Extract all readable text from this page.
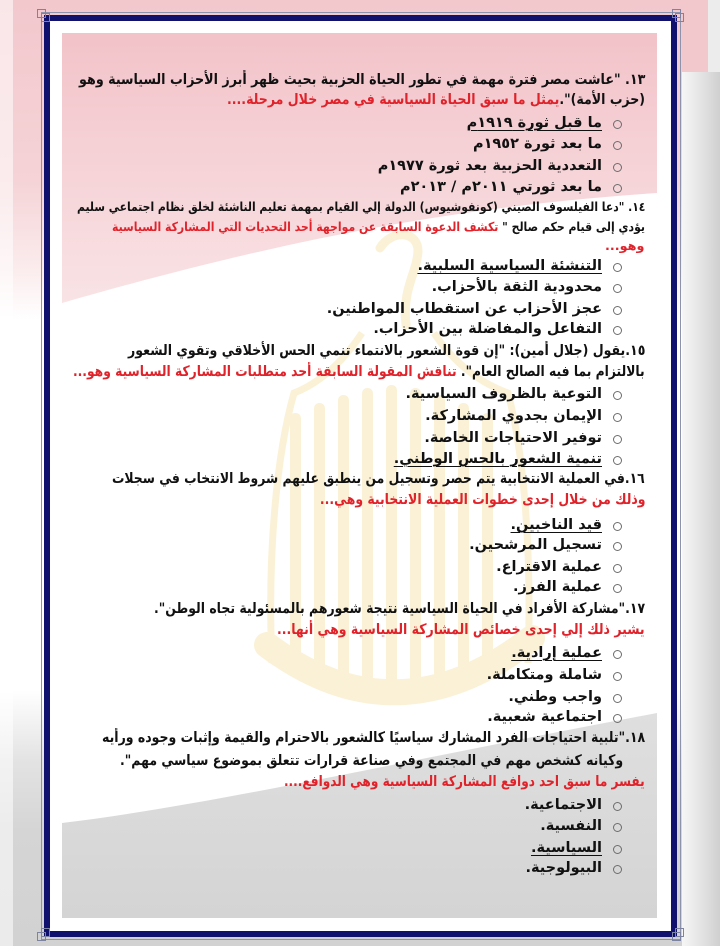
١٣. "عاشت مصر فترة مهمة في تطور الحياة الحزبية بحيث ظهر أبرز الأحزاب السياسية وهو
(حزب الأمة)".يمثل ما سبق الحياة السياسية في مصر خلال مرحلة....
ما قبل ثورة ١٩١٩م
ما بعد ثورة ١٩٥٢م
التعددية الحزبية بعد ثورة ١٩٧٧م
ما بعد ثورتي ٢٠١١م / ٢٠١٣م
١٤. "دعا الفيلسوف الصيني (كونفوشيوس) الدولة إلي القيام بمهمة تعليم الناشئة لخلق نظام اجتماعي سليم
يؤدي إلى قيام حكم صالح " تكشف الدعوة السابقة عن مواجهة أحد التحديات التي المشاركة السياسية
وهو...
التنشئة السياسية السلبية.
محدودية الثقة بالأحزاب.
عجز الأحزاب عن استقطاب المواطنين.
التفاعل والمفاضلة بين الأحزاب.
١٥.يقول (جلال أمين): "إن قوة الشعور بالانتماء تنمي الحس الأخلاقي وتقوي الشعور
بالالتزام بما فيه الصالح العام". تناقش المقولة السابقة أحد متطلبات المشاركة السياسية وهو...
التوعية بالظروف السياسية.
الإيمان بجدوي المشاركة.
توفير الاحتياجات الخاصة.
تنمية الشعور بالحس الوطني.
١٦.في العملية الانتخابية يتم حصر وتسجيل من ينطبق عليهم شروط الانتخاب في سجلات
وذلك من خلال إحدى خطوات العملية الانتخابية وهي...
قيد الناخبين.
تسجيل المرشحين.
عملية الاقتراع.
عملية الفرز.
١٧."مشاركة الأفراد في الحياة السياسية نتيجة شعورهم بالمسئولية تجاه الوطن".
يشير ذلك إلي إحدى خصائص المشاركة السياسية وهي أنها...
عملية إرادية.
شاملة ومتكاملة.
واجب وطني.
اجتماعية شعبية.
١٨."تلبية احتياجات الفرد المشارك سياسيًا كالشعور بالاحترام والقيمة وإثبات وجوده ورأيه
وكيانه كشخص مهم في المجتمع وفي صناعة قرارات تتعلق بموضوع سياسي مهم".
يفسر ما سبق احد دوافع المشاركة السياسية وهي الدوافع....
الاجتماعية.
النفسية.
السياسية.
البيولوجية.
